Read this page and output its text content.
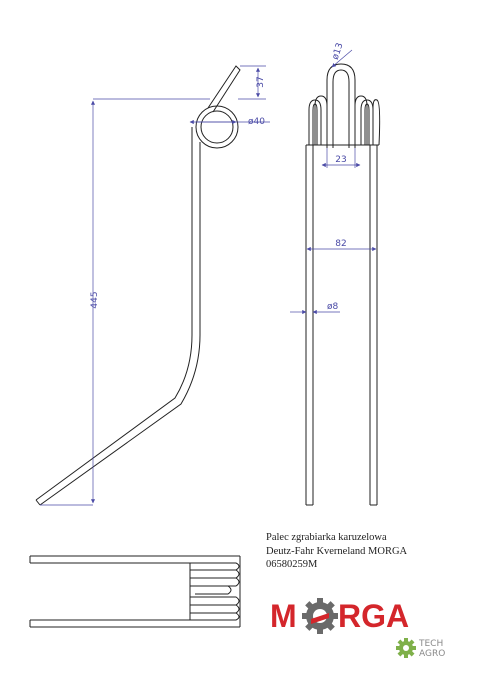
445
37
ø40
ø13
23
82
ø8
Palec zgrabiarka karuzelowa
Deutz-Fahr Kverneland MORGA
06580259M
M RGA
TECH
AGRO
